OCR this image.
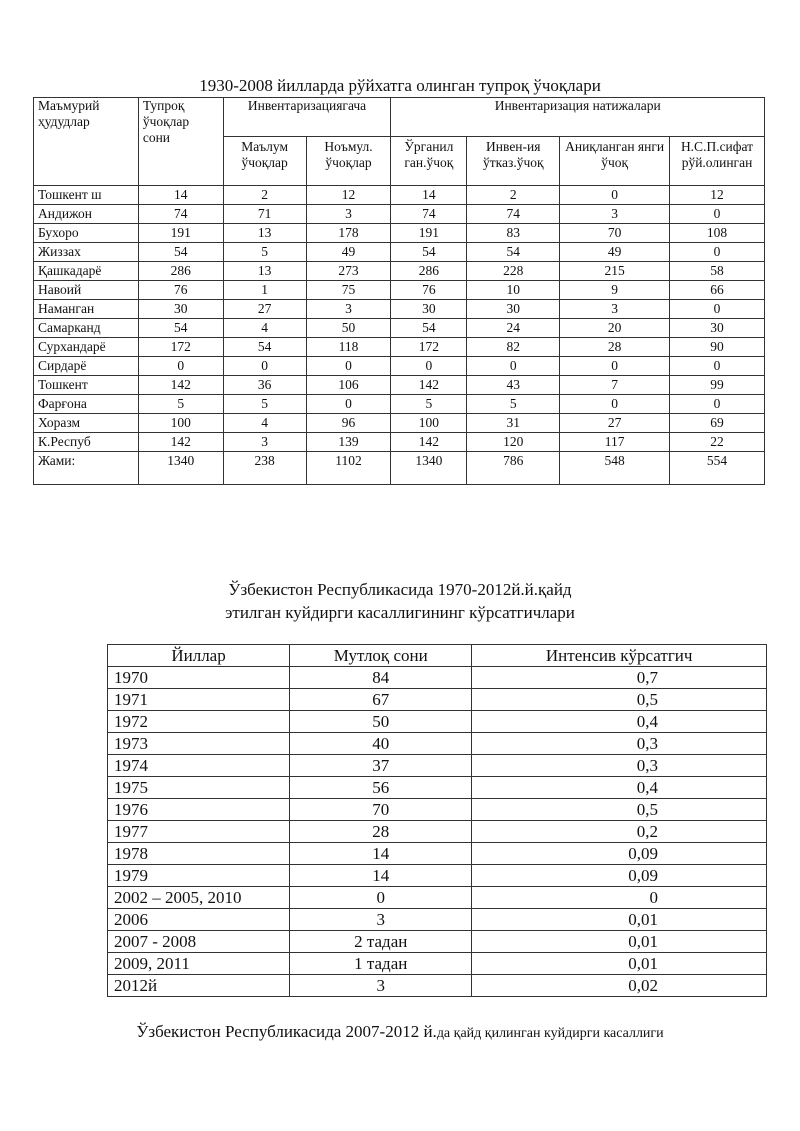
1930-2008 йилларда рўйхатга олинган тупроқ ўчоқлари
Маъмурий ҳудудлар	Тупроқ ўчоқлар сони	Инвентаризациягача		Инвентаризация натижалари			
		Маълум ўчоқлар	Ноъмул. ўчоқлар	Ўрганил ган.ўчоқ	Инвен-ия ўтказ.ўчоқ	Аниқланган янги ўчоқ	Н.С.П.сифат рўй.олинган
Тошкент ш	14	2	12	14	2	0	12
Андижон	74	71	3	74	74	3	0
Бухоро	191	13	178	191	83	70	108
Жиззах	54	5	49	54	54	49	0
Қашкадарё	286	13	273	286	228	215	58
Навоий	76	1	75	76	10	9	66
Наманган	30	27	3	30	30	3	0
Самарканд	54	4	50	54	24	20	30
Сурхандарё	172	54	118	172	82	28	90
Сирдарё	0	0	0	0	0	0	0
Тошкент	142	36	106	142	43	7	99
Фарғона	5	5	0	5	5	0	0
Хоразм	100	4	96	100	31	27	69
К.Респуб	142	3	139	142	120	117	22
Жами:	1340	238	1102	1340	786	548	554
Ўзбекистон Республикасида 1970-2012й.й.қайд
этилган куйдирги касаллигининг кўрсатгичлари
Йиллар	Мутлоқ сони	Интенсив кўрсатгич
1970	84	0,7
1971	67	0,5
1972	50	0,4
1973	40	0,3
1974	37	0,3
1975	56	0,4
1976	70	0,5
1977	28	0,2
1978	14	0,09
1979	14	0,09
2002 – 2005, 2010	0	0
2006	3	0,01
2007 - 2008	2 тадан	0,01
2009, 2011	1 тадан	0,01
2012й	3	0,02
Ўзбекистон Республикасида 2007-2012 й.да қайд қилинган куйдирги касаллиги
